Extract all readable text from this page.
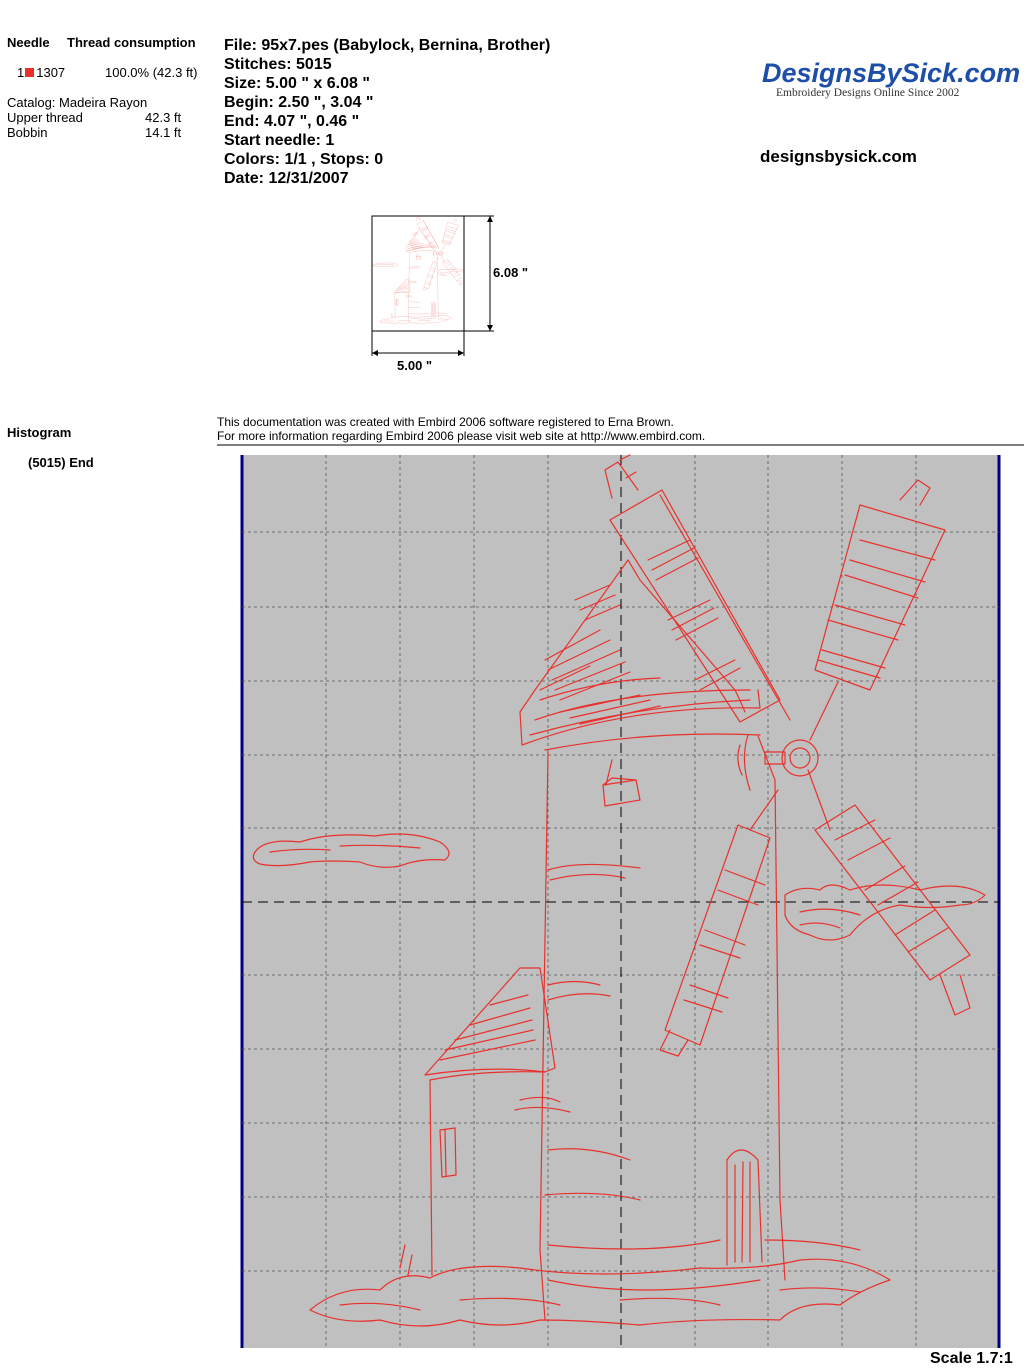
Needle Thread consumption
1 1307	100.0% (42.3 ft)
Catalog: Madeira Rayon
Upper thread	42.3 ft
Bobbin	14.1 ft
File: 95x7.pes (Babylock, Bernina, Brother)
Stitches: 5015
Size: 5.00 " x 6.08 "
Begin: 2.50 ", 3.04 "
End: 4.07 ", 0.46 "
Start needle: 1
Colors: 1/1 , Stops: 0
Date: 12/31/2007
DesignsBySick.com
Embroidery Designs Online Since 2002
designsbysick.com
6.08 "
5.00 "
Histogram
(5015) End
This documentation was created with Embird 2006 software registered to Erna Brown.
For more information regarding Embird 2006 please visit web site at http://www.embird.com.
Scale 1.7:1
